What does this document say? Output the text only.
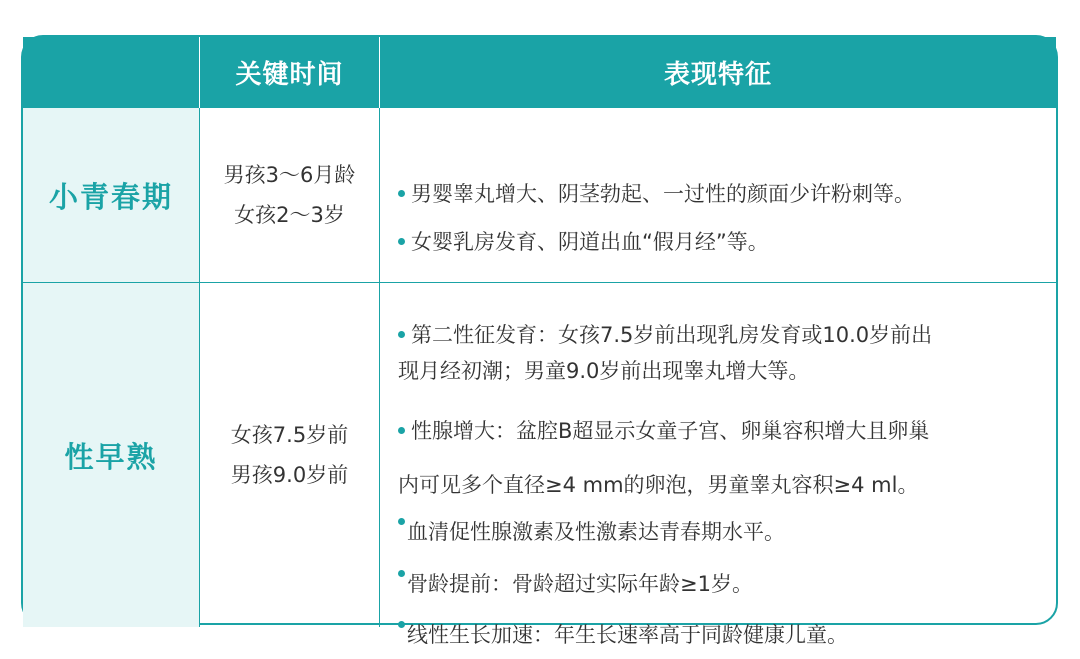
关键时间	表现特征
小青春期
男孩3～6月龄
女孩2～3岁
男婴睾丸增大、阴茎勃起、一过性的颜面少许粉刺等。
女婴乳房发育、阴道出血“假月经”等。
性早熟
女孩7.5岁前
男孩9.0岁前
第二性征发育：女孩7.5岁前出现乳房发育或10.0岁前出
现月经初潮；男童9.0岁前出现睾丸增大等。
性腺增大：盆腔B超显示女童子宫、卵巢容积增大且卵巢
内可见多个直径≥4 mm的卵泡，男童睾丸容积≥4 ml。
血清促性腺激素及性激素达青春期水平。
骨龄提前：骨龄超过实际年龄≥1岁。
线性生长加速：年生长速率高于同龄健康儿童。
